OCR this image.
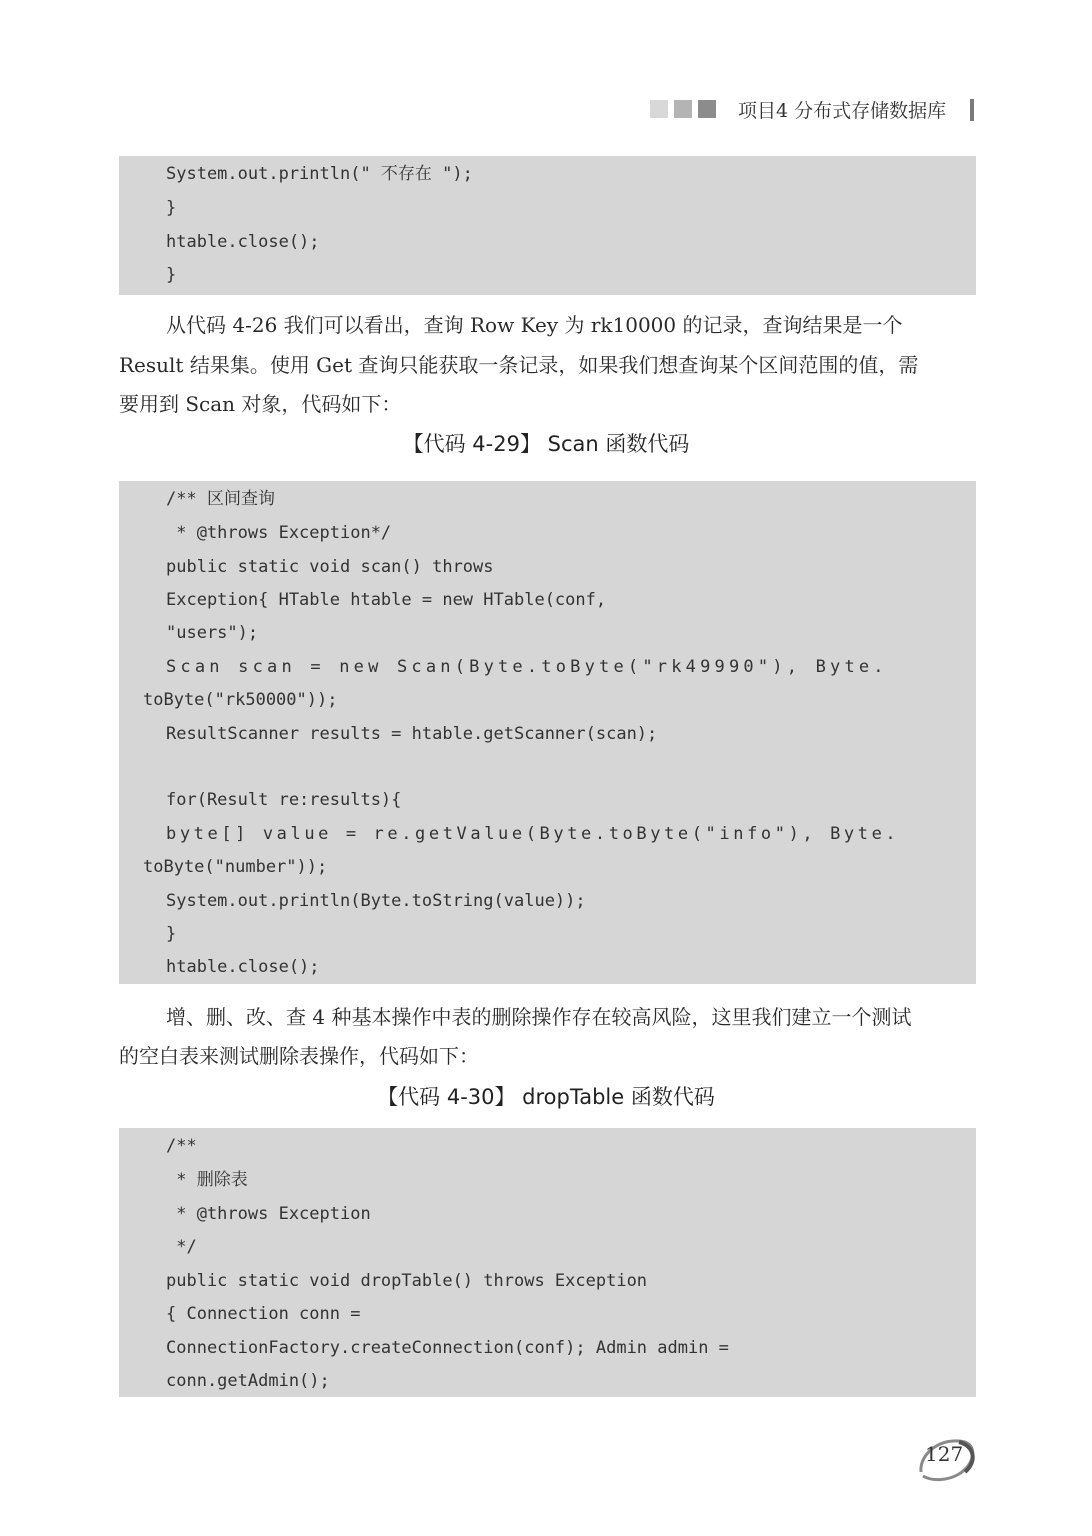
项目4 分布式存储数据库
System.out.println(" 不存在 ");
}
htable.close();
}
从代码 4-26 我们可以看出，查询 Row Key 为 rk10000 的记录，查询结果是一个
Result 结果集。使用 Get 查询只能获取一条记录，如果我们想查询某个区间范围的值，需
要用到 Scan 对象，代码如下：
【代码 4-29】 Scan 函数代码
/** 区间查询
* @throws Exception*/
public static void scan() throws
Exception{ HTable htable = new HTable(conf,
"users");
Scan scan = new Scan(Byte.toByte("rk49990"), Byte.
toByte("rk50000"));
ResultScanner results = htable.getScanner(scan);
for(Result re:results){
byte[] value = re.getValue(Byte.toByte("info"), Byte.
toByte("number"));
System.out.println(Byte.toString(value));
}
htable.close();
增、删、改、查 4 种基本操作中表的删除操作存在较高风险，这里我们建立一个测试
的空白表来测试删除表操作，代码如下：
【代码 4-30】 dropTable 函数代码
/**
* 删除表
* @throws Exception
*/
public static void dropTable() throws Exception
{ Connection conn =
ConnectionFactory.createConnection(conf); Admin admin =
conn.getAdmin();
127
